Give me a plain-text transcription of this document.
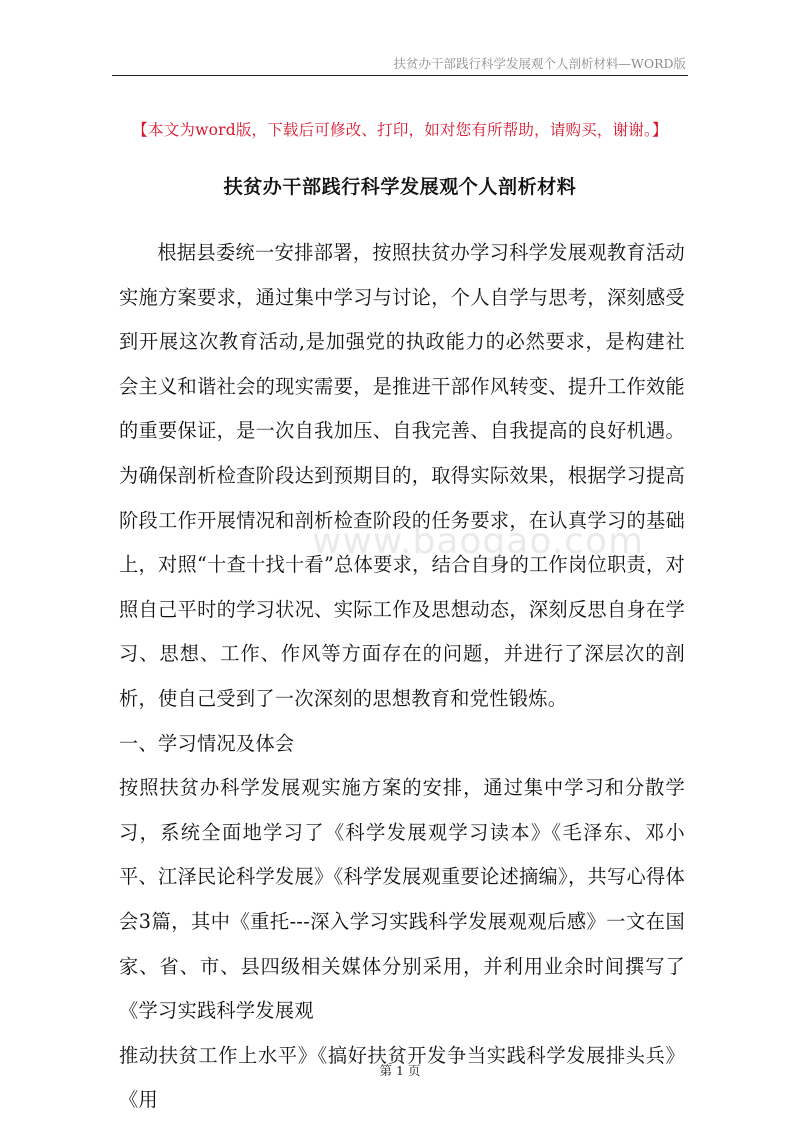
扶贫办干部践行科学发展观个人剖析材料—WORD版
【本文为word版，下载后可修改、打印，如对您有所帮助，请购买，谢谢。】
扶贫办干部践行科学发展观个人剖析材料

根据县委统一安排部署，按照扶贫办学习科学发展观教育活动实施方案要求，通过集中学习与讨论，个人自学与思考，深刻感受到开展这次教育活动,是加强党的执政能力的必然要求，是构建社会主义和谐社会的现实需要，是推进干部作风转变、提升工作效能的重要保证，是一次自我加压、自我完善、自我提高的良好机遇。为确保剖析检查阶段达到预期目的，取得实际效果，根据学习提高阶段工作开展情况和剖析检查阶段的任务要求，在认真学习的基础上，对照“十查十找十看”总体要求，结合自身的工作岗位职责，对照自己平时的学习状况、实际工作及思想动态，深刻反思自身在学习、思想、工作、作风等方面存在的问题，并进行了深层次的剖析，使自己受到了一次深刻的思想教育和党性锻炼。

一、学习情况及体会

按照扶贫办科学发展观实施方案的安排，通过集中学习和分散学习，系统全面地学习了《科学发展观学习读本》《毛泽东、邓小平、江泽民论科学发展》《科学发展观重要论述摘编》，共写心得体会3篇，其中《重托---深入学习实践科学发展观观后感》一文在国家、省、市、县四级相关媒体分别采用，并利用业余时间撰写了《学习实践科学发展观

推动扶贫工作上水平》《搞好扶贫开发争当实践科学发展排头兵》《用

www.baogao.com
第 1 页
